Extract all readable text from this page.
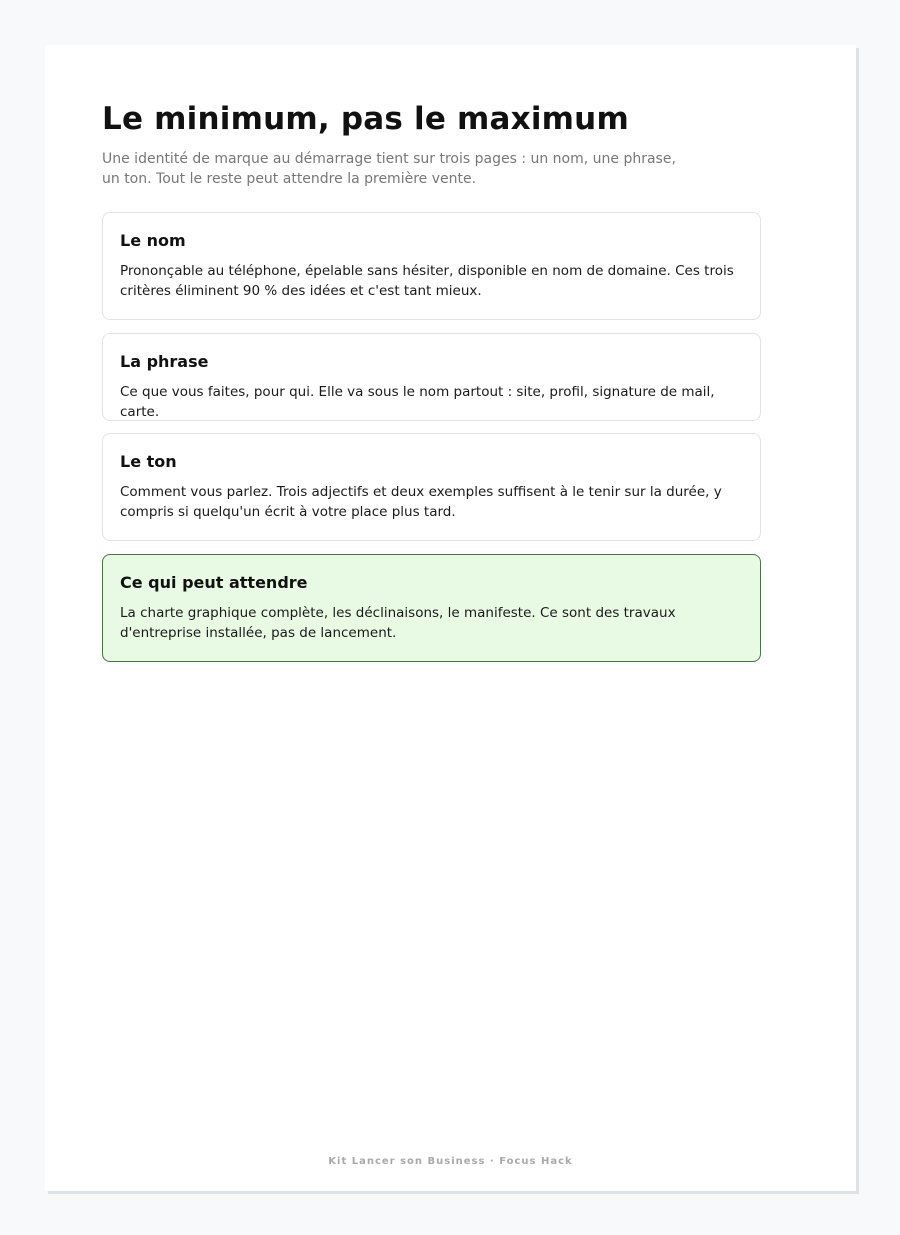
Le minimum, pas le maximum

Une identité de marque au démarrage tient sur trois pages : un nom, une phrase, un ton. Tout le reste peut attendre la première vente.

Le nom

Prononçable au téléphone, épelable sans hésiter, disponible en nom de domaine. Ces trois critères éliminent 90 % des idées et c'est tant mieux.

La phrase

Ce que vous faites, pour qui. Elle va sous le nom partout : site, profil, signature de mail, carte.

Le ton

Comment vous parlez. Trois adjectifs et deux exemples suffisent à le tenir sur la durée, y compris si quelqu'un écrit à votre place plus tard.

Ce qui peut attendre

La charte graphique complète, les déclinaisons, le manifeste. Ce sont des travaux d'entreprise installée, pas de lancement.

Kit Lancer son Business · Focus Hack
